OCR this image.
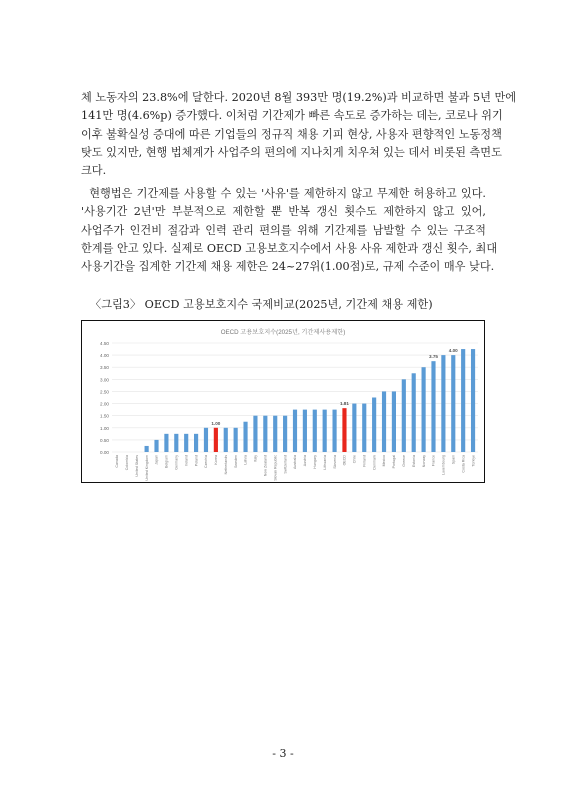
체 노동자의 23.8%에 달한다. 2020년 8월 393만 명(19.2%)과 비교하면 불과 5년 만에
141만 명(4.6%p) 증가했다. 이처럼 기간제가 빠른 속도로 증가하는 데는, 코로나 위기
이후 불확실성 증대에 따른 기업들의 정규직 채용 기피 현상, 사용자 편향적인 노동정책
탓도 있지만, 현행 법체계가 사업주의 편의에 지나치게 치우쳐 있는 데서 비롯된 측면도
크다.
현행법은 기간제를 사용할 수 있는 '사유'를 제한하지 않고 무제한 허용하고 있다.
'사용기간 2년'만 부분적으로 제한할 뿐 반복 갱신 횟수도 제한하지 않고 있어,
사업주가 인건비 절감과 인력 관리 편의를 위해 기간제를 남발할 수 있는 구조적
한계를 안고 있다. 실제로 OECD 고용보호지수에서 사용 사유 제한과 갱신 횟수, 최대
사용기간을 집계한 기간제 채용 제한은 24~27위(1.00점)로, 규제 수준이 매우 낮다.

〈그림3〉 OECD 고용보호지수 국제비교(2025년, 기간제 채용 제한)

OECD 고용보호지수(2025년, 기간제사용제한)
0.00
0.50
1.00
1.50
2.00
2.50
3.00
3.50
4.00
4.50
1.00
1.81
3.75
4.00
Canada Colombia United States United Kingdom Japan Belgium Germany Ireland Poland Czechia Korea Netherlands Sweden Latvia Italy New Zealand Slovak Republic Switzerland Australia Austria Hungary Lithuania Slovenia OECD Chile Finland Denmark Mexico Portugal Greece Estonia Norway France Luxembourg Spain Costa Rica Türkiye

- 3 -
